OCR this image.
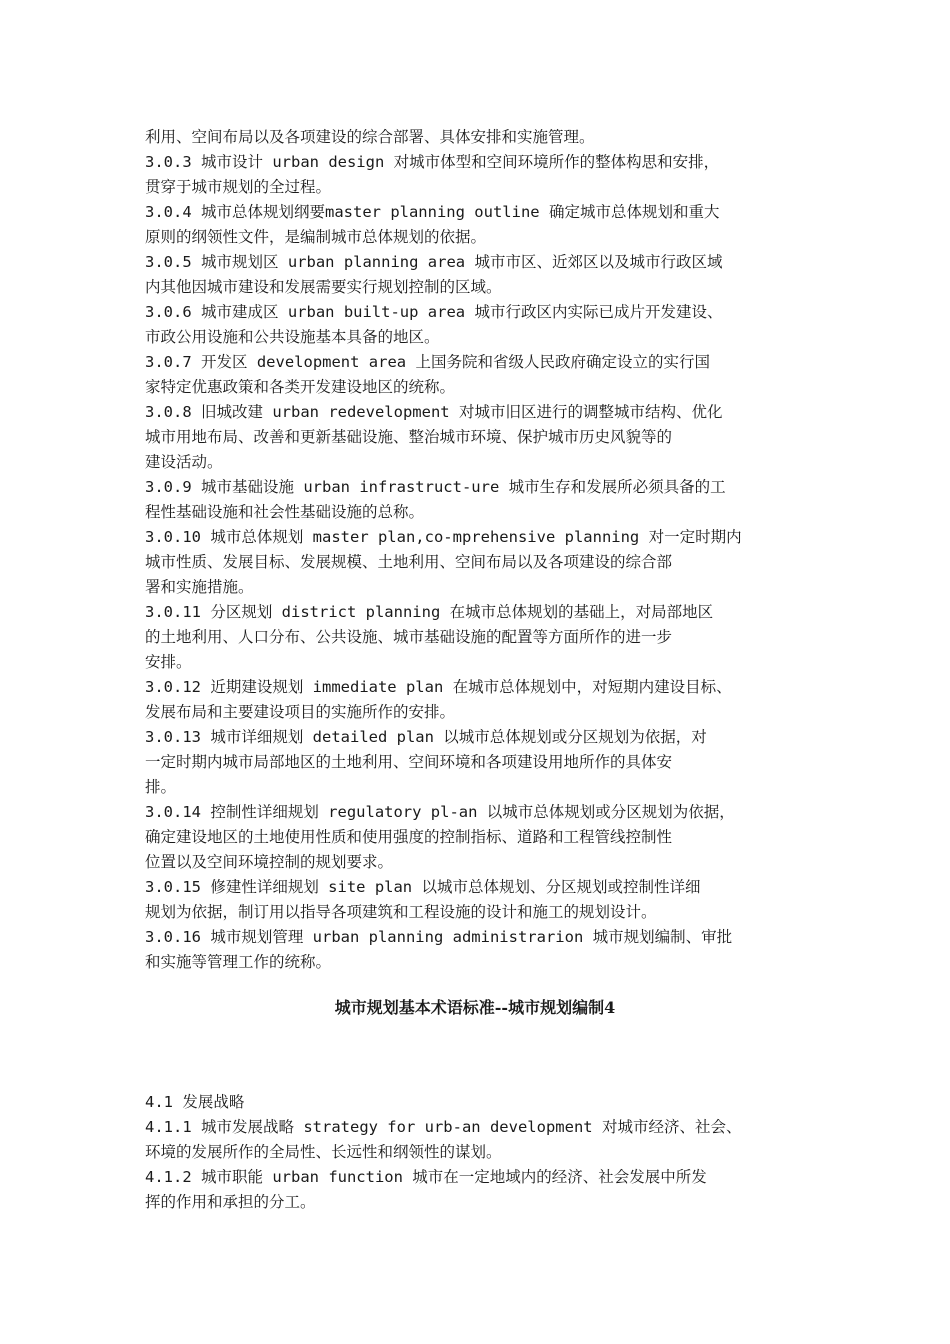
利用、空间布局以及各项建设的综合部署、具体安排和实施管理。

3.0.3 城市设计 urban design 对城市体型和空间环境所作的整体构思和安排，
贯穿于城市规划的全过程。

3.0.4 城市总体规划纲要master planning outline 确定城市总体规划和重大
原则的纲领性文件，是编制城市总体规划的依据。

3.0.5 城市规划区 urban planning area 城市市区、近郊区以及城市行政区域
内其他因城市建设和发展需要实行规划控制的区域。

3.0.6 城市建成区 urban built-up area 城市行政区内实际已成片开发建设、
市政公用设施和公共设施基本具备的地区。

3.0.7 开发区 development area 上国务院和省级人民政府确定设立的实行国
家特定优惠政策和各类开发建设地区的统称。

3.0.8 旧城改建 urban redevelopment 对城市旧区进行的调整城市结构、优化
城市用地布局、改善和更新基础设施、整治城市环境、保护城市历史风貌等的
建设活动。

3.0.9 城市基础设施 urban infrastruct-ure 城市生存和发展所必须具备的工
程性基础设施和社会性基础设施的总称。

3.0.10 城市总体规划 master plan,co-mprehensive planning 对一定时期内
城市性质、发展目标、发展规模、土地利用、空间布局以及各项建设的综合部
署和实施措施。

3.0.11 分区规划 district planning 在城市总体规划的基础上，对局部地区
的土地利用、人口分布、公共设施、城市基础设施的配置等方面所作的进一步
安排。

3.0.12 近期建设规划 immediate plan 在城市总体规划中，对短期内建设目标、
发展布局和主要建设项目的实施所作的安排。

3.0.13 城市详细规划 detailed plan 以城市总体规划或分区规划为依据，对
一定时期内城市局部地区的土地利用、空间环境和各项建设用地所作的具体安
排。

3.0.14 控制性详细规划 regulatory pl-an 以城市总体规划或分区规划为依据，
确定建设地区的土地使用性质和使用强度的控制指标、道路和工程管线控制性
位置以及空间环境控制的规划要求。

3.0.15 修建性详细规划 site plan 以城市总体规划、分区规划或控制性详细
规划为依据，制订用以指导各项建筑和工程设施的设计和施工的规划设计。

3.0.16 城市规划管理 urban planning administrarion 城市规划编制、审批
和实施等管理工作的统称。

城市规划基本术语标准--城市规划编制4

4.1 发展战略

4.1.1 城市发展战略 strategy for urb-an development 对城市经济、社会、
环境的发展所作的全局性、长远性和纲领性的谋划。

4.1.2 城市职能 urban function 城市在一定地域内的经济、社会发展中所发
挥的作用和承担的分工。
